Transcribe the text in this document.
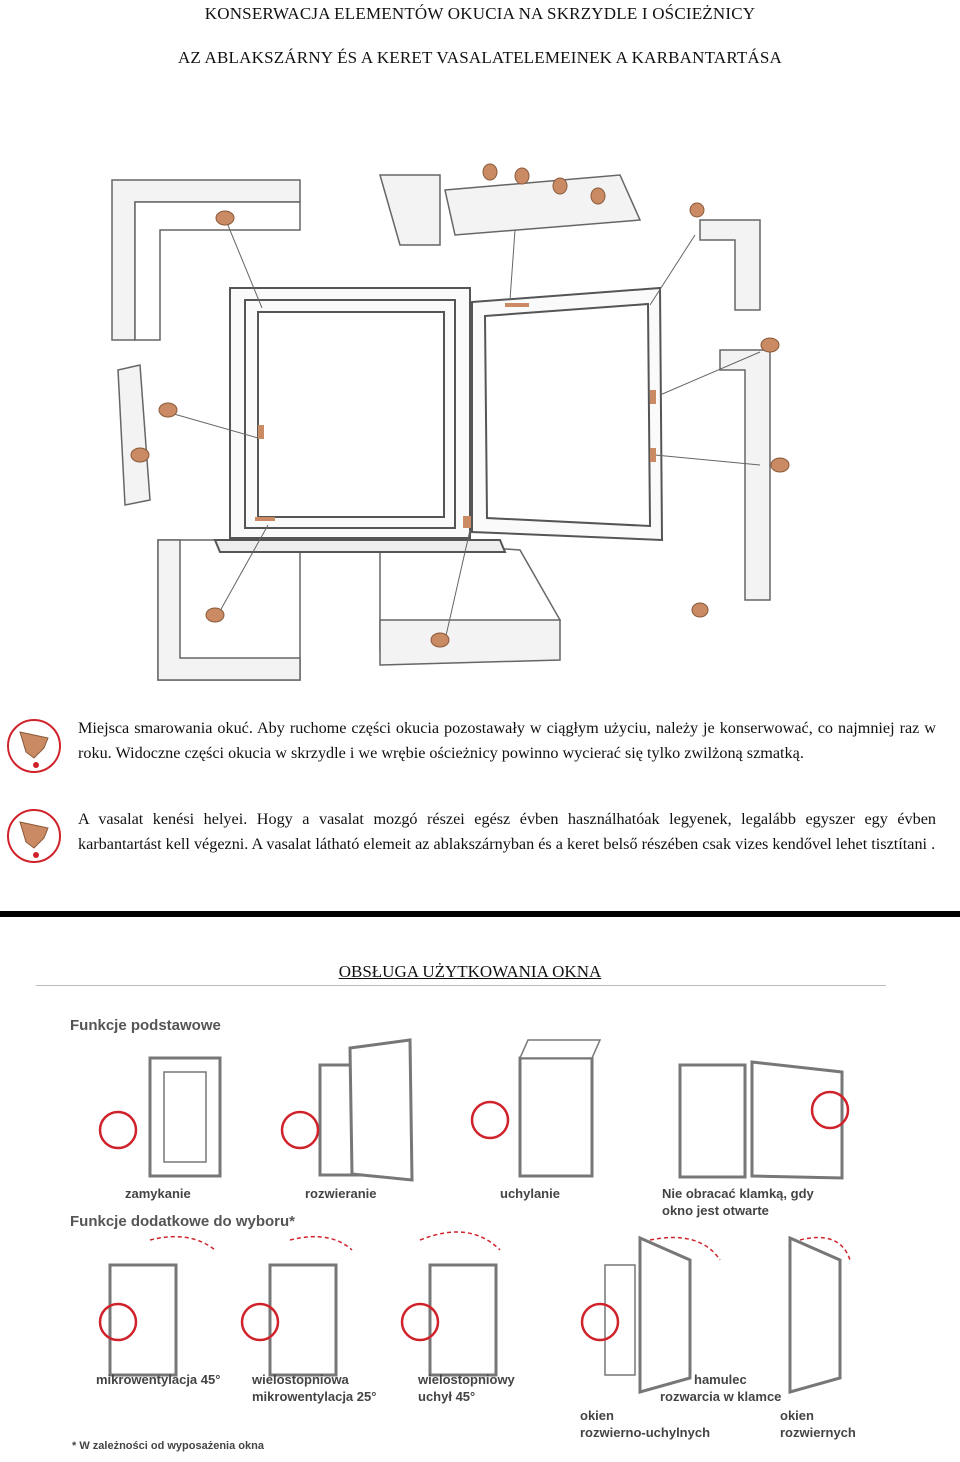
KONSERWACJA ELEMENTÓW OKUCIA NA SKRZYDLE I OŚCIEŻNICY
AZ ABLAKSZÁRNY ÉS A KERET VASALATELEMEINEK A KARBANTARTÁSA
Miejsca smarowania okuć. Aby ruchome części okucia pozostawały w ciągłym użyciu, należy je konserwować, co najmniej raz w roku. Widoczne części okucia w skrzydle i we wrębie ościeżnicy powinno wycierać się tylko zwilżoną szmatką.
A vasalat kenési helyei. Hogy a vasalat mozgó részei egész évben használhatóak legyenek, legalább egyszer egy évben karbantartást kell végezni. A vasalat látható elemeit az ablakszárnyban és a keret belső részében csak vizes kendővel lehet tisztítani .
OBSŁUGA UŻYTKOWANIA OKNA
Funkcje podstawowe
zamykanie	rozwieranie	uchylanie	Nie obracać klamką, gdy
okno jest otwarte
Funkcje dodatkowe do wyboru*
mikrowentylacja 45° wielostopniowa
mikrowentylacja 25°
wielostopniowy
uchył 45°
hamulec
rozwarcia w klamce
okien
rozwierno-uchylnych
okien
rozwiernych
* W zależności od wyposażenia okna
